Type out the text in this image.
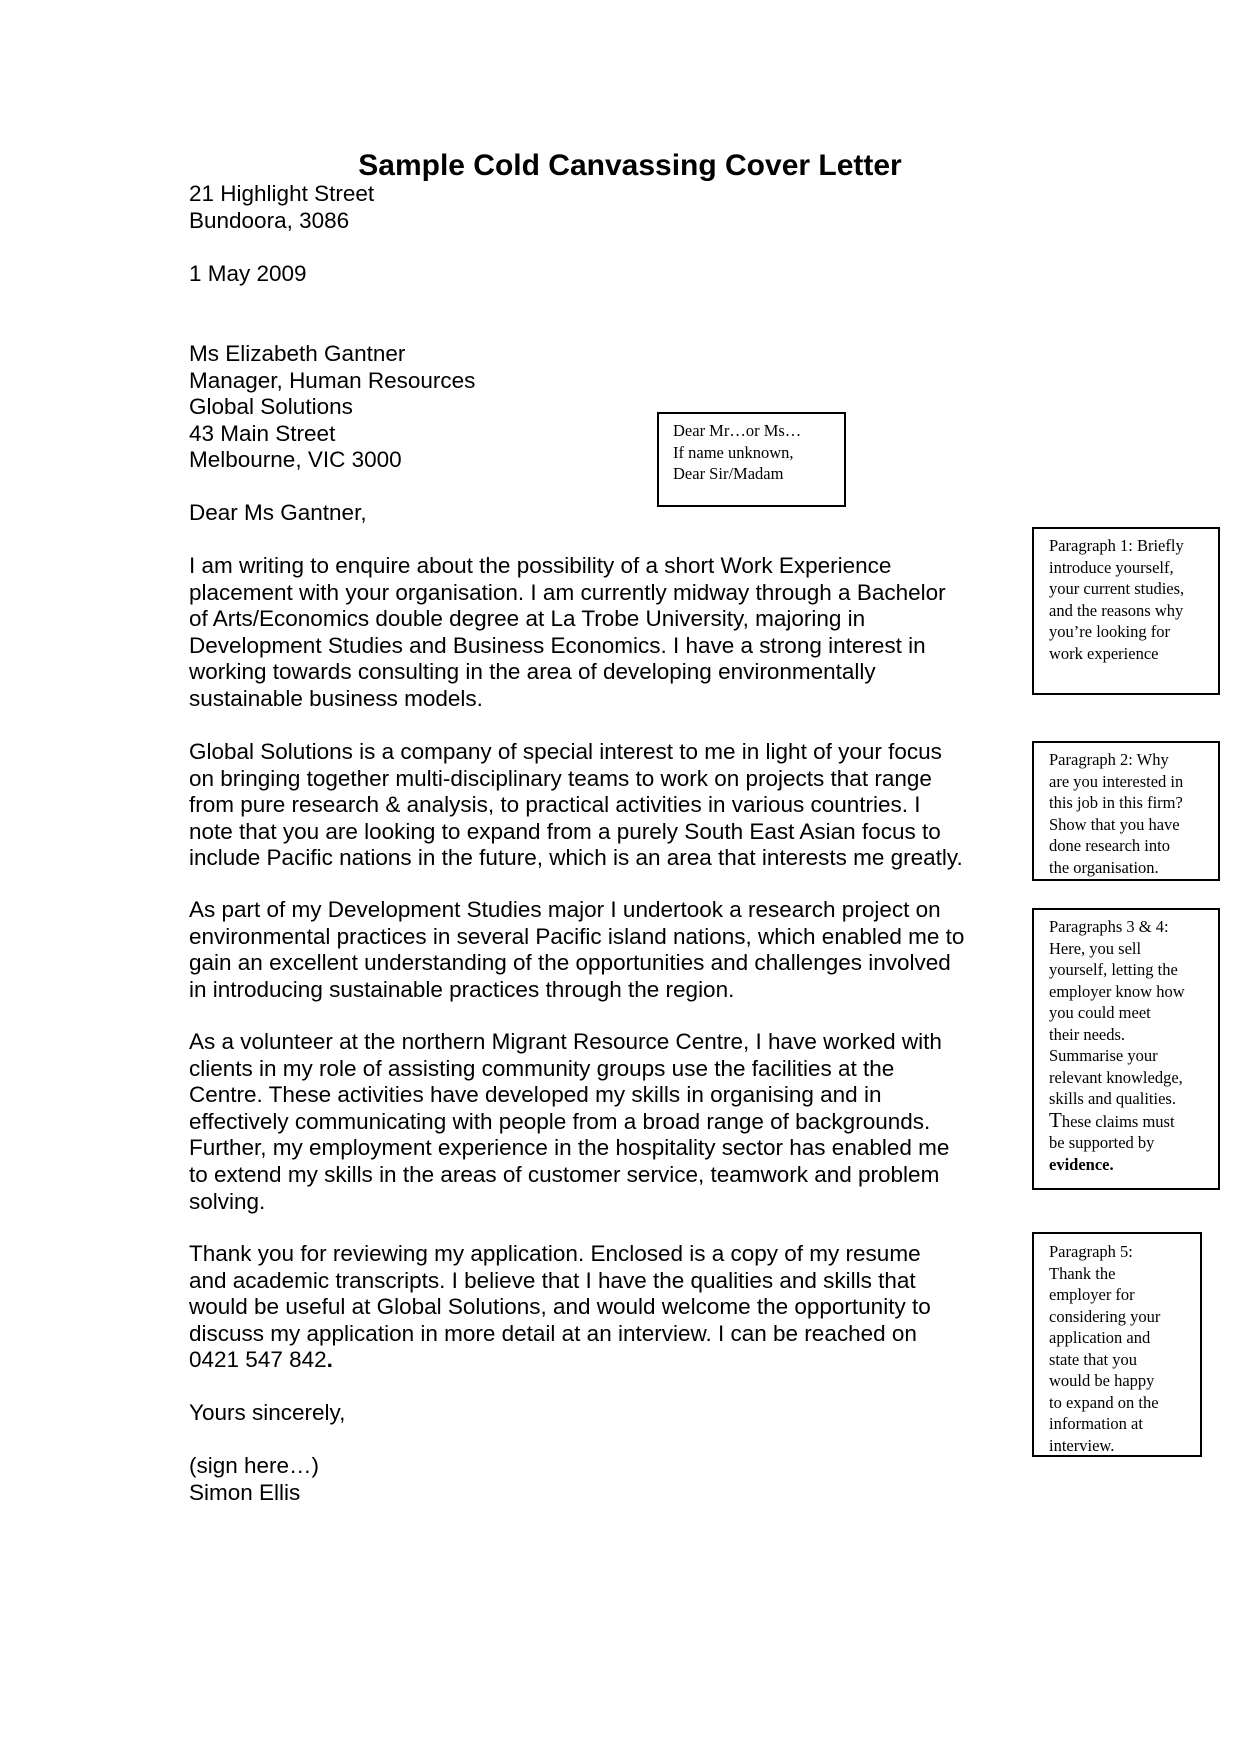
Sample Cold Canvassing Cover Letter
21 Highlight Street
Bundoora, 3086
1 May 2009
Ms Elizabeth Gantner
Manager, Human Resources
Global Solutions
43 Main Street
Melbourne, VIC 3000
Dear Ms Gantner,
I am writing to enquire about the possibility of a short Work Experience
placement with your organisation. I am currently midway through a Bachelor
of Arts/Economics double degree at La Trobe University, majoring in
Development Studies and Business Economics. I have a strong interest in
working towards consulting in the area of developing environmentally
sustainable business models.
Global Solutions is a company of special interest to me in light of your focus
on bringing together multi-disciplinary teams to work on projects that range
from pure research & analysis, to practical activities in various countries. I
note that you are looking to expand from a purely South East Asian focus to
include Pacific nations in the future, which is an area that interests me greatly.
As part of my Development Studies major I undertook a research project on
environmental practices in several Pacific island nations, which enabled me to
gain an excellent understanding of the opportunities and challenges involved
in introducing sustainable practices through the region.
As a volunteer at the northern Migrant Resource Centre, I have worked with
clients in my role of assisting community groups use the facilities at the
Centre. These activities have developed my skills in organising and in
effectively communicating with people from a broad range of backgrounds.
Further, my employment experience in the hospitality sector has enabled me
to extend my skills in the areas of customer service, teamwork and problem
solving.
Thank you for reviewing my application. Enclosed is a copy of my resume
and academic transcripts. I believe that I have the qualities and skills that
would be useful at Global Solutions, and would welcome the opportunity to
discuss my application in more detail at an interview. I can be reached on
0421 547 842.
Yours sincerely,
(sign here…)
Simon Ellis
Dear Mr…or Ms…
If name unknown,
Dear Sir/Madam
Paragraph 1: Briefly
introduce yourself,
your current studies,
and the reasons why
you’re looking for
work experience
Paragraph 2: Why
are you interested in
this job in this firm?
Show that you have
done research into
the organisation.
Paragraphs 3 & 4:
Here, you sell
yourself, letting the
employer know how
you could meet
their needs.
Summarise your
relevant knowledge,
skills and qualities.
These claims must
be supported by
evidence.
Paragraph 5:
Thank the
employer for
considering your
application and
state that you
would be happy
to expand on the
information at
interview.
